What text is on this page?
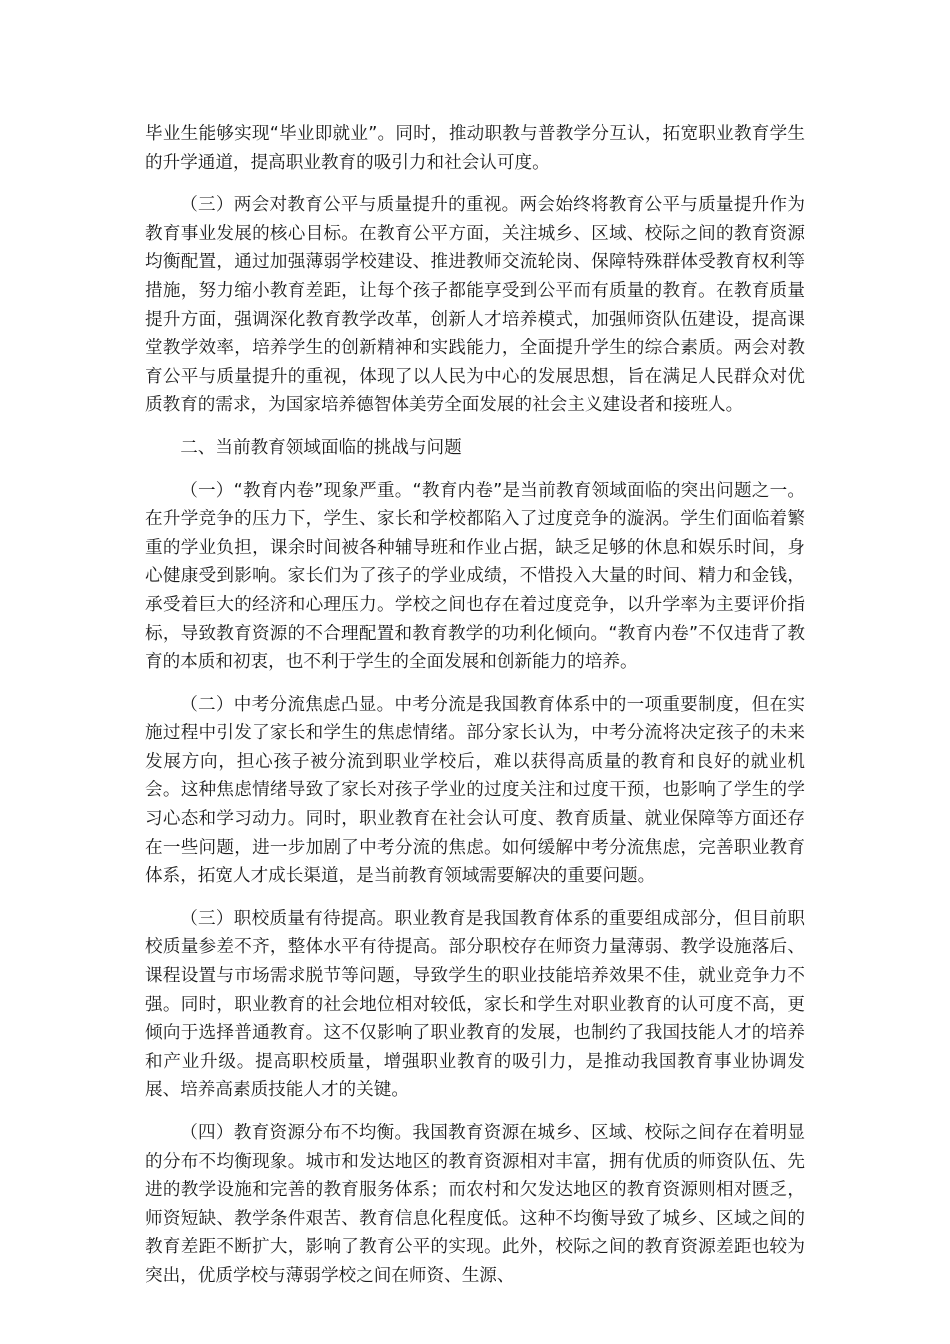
毕业生能够实现“毕业即就业”。同时，推动职教与普教学分互认，拓宽职业教育学生的升学通道，提高职业教育的吸引力和社会认可度。

（三）两会对教育公平与质量提升的重视。两会始终将教育公平与质量提升作为教育事业发展的核心目标。在教育公平方面，关注城乡、区域、校际之间的教育资源均衡配置，通过加强薄弱学校建设、推进教师交流轮岗、保障特殊群体受教育权利等措施，努力缩小教育差距，让每个孩子都能享受到公平而有质量的教育。在教育质量提升方面，强调深化教育教学改革，创新人才培养模式，加强师资队伍建设，提高课堂教学效率，培养学生的创新精神和实践能力，全面提升学生的综合素质。两会对教育公平与质量提升的重视，体现了以人民为中心的发展思想，旨在满足人民群众对优质教育的需求，为国家培养德智体美劳全面发展的社会主义建设者和接班人。

二、当前教育领域面临的挑战与问题

（一）“教育内卷”现象严重。“教育内卷”是当前教育领域面临的突出问题之一。在升学竞争的压力下，学生、家长和学校都陷入了过度竞争的漩涡。学生们面临着繁重的学业负担，课余时间被各种辅导班和作业占据，缺乏足够的休息和娱乐时间，身心健康受到影响。家长们为了孩子的学业成绩，不惜投入大量的时间、精力和金钱，承受着巨大的经济和心理压力。学校之间也存在着过度竞争，以升学率为主要评价指标，导致教育资源的不合理配置和教育教学的功利化倾向。“教育内卷”不仅违背了教育的本质和初衷，也不利于学生的全面发展和创新能力的培养。

（二）中考分流焦虑凸显。中考分流是我国教育体系中的一项重要制度，但在实施过程中引发了家长和学生的焦虑情绪。部分家长认为，中考分流将决定孩子的未来发展方向，担心孩子被分流到职业学校后，难以获得高质量的教育和良好的就业机会。这种焦虑情绪导致了家长对孩子学业的过度关注和过度干预，也影响了学生的学习心态和学习动力。同时，职业教育在社会认可度、教育质量、就业保障等方面还存在一些问题，进一步加剧了中考分流的焦虑。如何缓解中考分流焦虑，完善职业教育体系，拓宽人才成长渠道，是当前教育领域需要解决的重要问题。

（三）职校质量有待提高。职业教育是我国教育体系的重要组成部分，但目前职校质量参差不齐，整体水平有待提高。部分职校存在师资力量薄弱、教学设施落后、课程设置与市场需求脱节等问题，导致学生的职业技能培养效果不佳，就业竞争力不强。同时，职业教育的社会地位相对较低，家长和学生对职业教育的认可度不高，更倾向于选择普通教育。这不仅影响了职业教育的发展，也制约了我国技能人才的培养和产业升级。提高职校质量，增强职业教育的吸引力，是推动我国教育事业协调发展、培养高素质技能人才的关键。

（四）教育资源分布不均衡。我国教育资源在城乡、区域、校际之间存在着明显的分布不均衡现象。城市和发达地区的教育资源相对丰富，拥有优质的师资队伍、先进的教学设施和完善的教育服务体系；而农村和欠发达地区的教育资源则相对匮乏，师资短缺、教学条件艰苦、教育信息化程度低。这种不均衡导致了城乡、区域之间的教育差距不断扩大，影响了教育公平的实现。此外，校际之间的教育资源差距也较为突出，优质学校与薄弱学校之间在师资、生源、
